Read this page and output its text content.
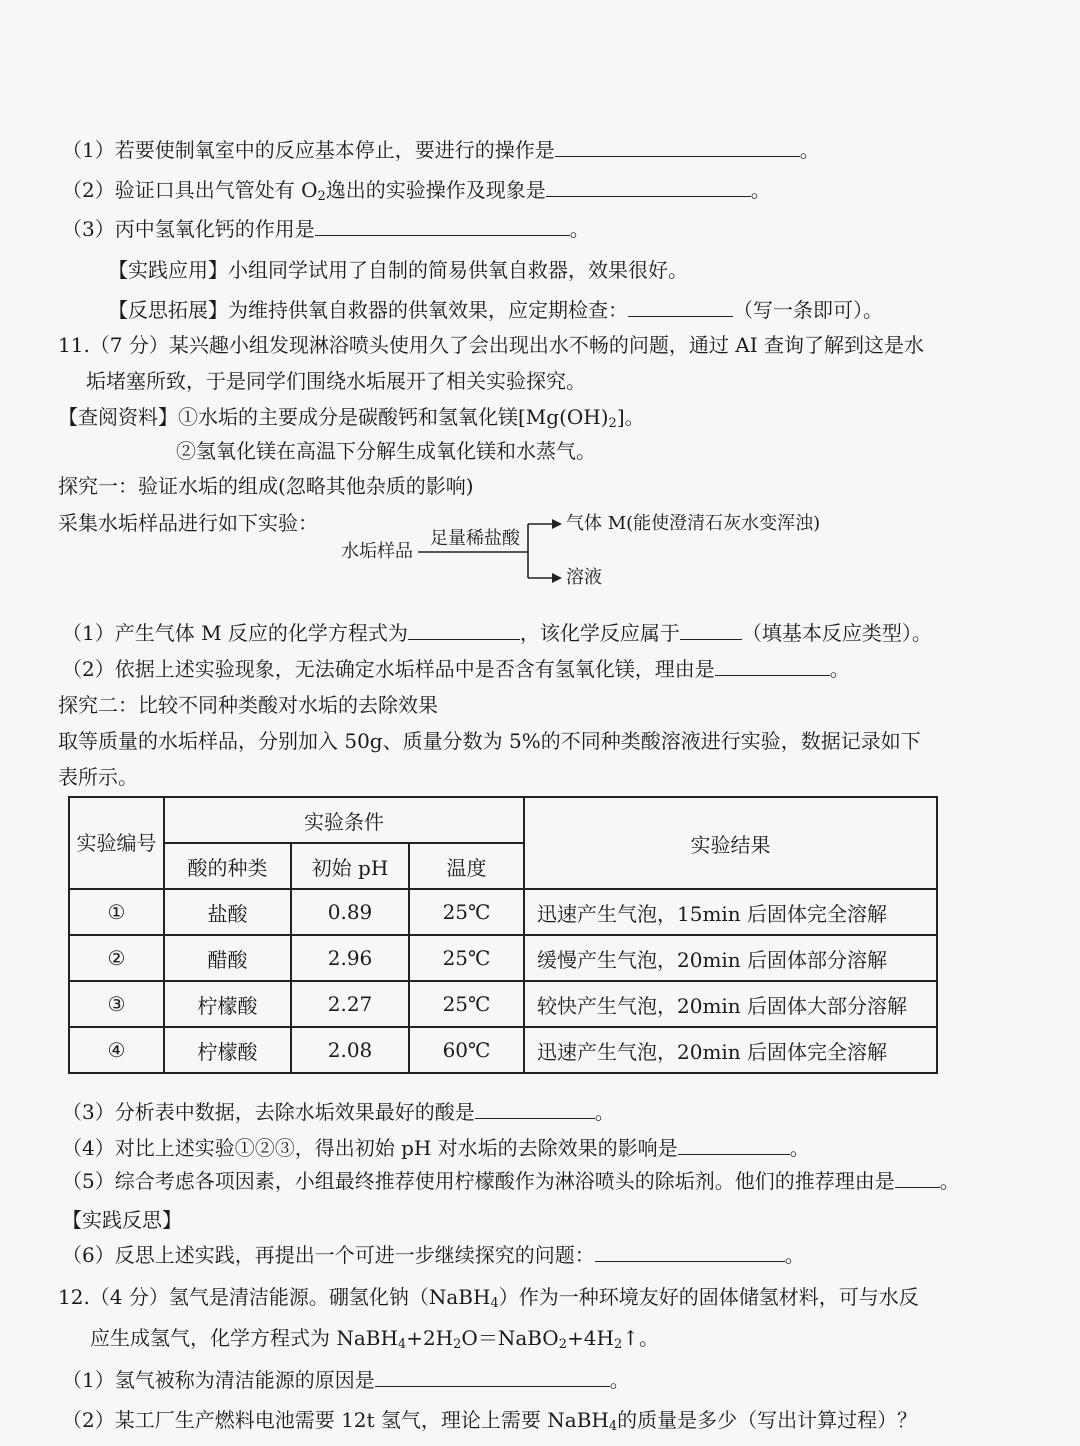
（1）若要使制氧室中的反应基本停止，要进行的操作是	。
（2）验证口具出气管处有 $O_2$逸出的实验操作及现象是	。
（3）丙中氢氧化钙的作用是	。
【实践应用】小组同学试用了自制的简易供氧自救器，效果很好。
【反思拓展】为维持供氧自救器的供氧效果，应定期检查：	（写一条即可）。
11.（7 分）某兴趣小组发现淋浴喷头使用久了会出现出水不畅的问题，通过 AI 查询了解到这是水
垢堵塞所致，于是同学们围绕水垢展开了相关实验探究。
【查阅资料】①水垢的主要成分是碳酸钙和氢氧化镁$[Mg(OH)_2]$。
②氢氧化镁在高温下分解生成氧化镁和水蒸气。
探究一：验证水垢的组成(忽略其他杂质的影响)
采集水垢样品进行如下实验：
水垢样品
足量稀盐酸
气体 M(能使澄清石灰水变浑浊)
溶液
（1）产生气体 M 反应的化学方程式为	，该化学反应属于	（填基本反应类型）。
（2）依据上述实验现象，无法确定水垢样品中是否含有氢氧化镁，理由是	。
探究二：比较不同种类酸对水垢的去除效果
取等质量的水垢样品，分别加入 50g、质量分数为 5%的不同种类酸溶液进行实验，数据记录如下
表所示。
实验编号	实验条件			实验结果
	酸的种类	初始 pH	温度	
①	盐酸	0.89	25℃	迅速产生气泡，15min 后固体完全溶解
②	醋酸	2.96	25℃	缓慢产生气泡，20min 后固体部分溶解
③	柠檬酸	2.27	25℃	较快产生气泡，20min 后固体大部分溶解
④	柠檬酸	2.08	60℃	迅速产生气泡，20min 后固体完全溶解
（3）分析表中数据，去除水垢效果最好的酸是	。
（4）对比上述实验①②③，得出初始 pH 对水垢的去除效果的影响是	。
（5）综合考虑各项因素，小组最终推荐使用柠檬酸作为淋浴喷头的除垢剂。他们的推荐理由是 。
【实践反思】
（6）反思上述实践，再提出一个可进一步继续探究的问题：	。
12.（4 分）氢气是清洁能源。硼氢化钠（NaBH$_4$）作为一种环境友好的固体储氢材料，可与水反
应生成氢气，化学方程式为 $NaBH_4+2H_2O=NaBO_2+4H_2↑$。
（1）氢气被称为清洁能源的原因是	。
（2）某工厂生产燃料电池需要 12t 氢气，理论上需要 NaBH$_4$的质量是多少（写出计算过程）？
